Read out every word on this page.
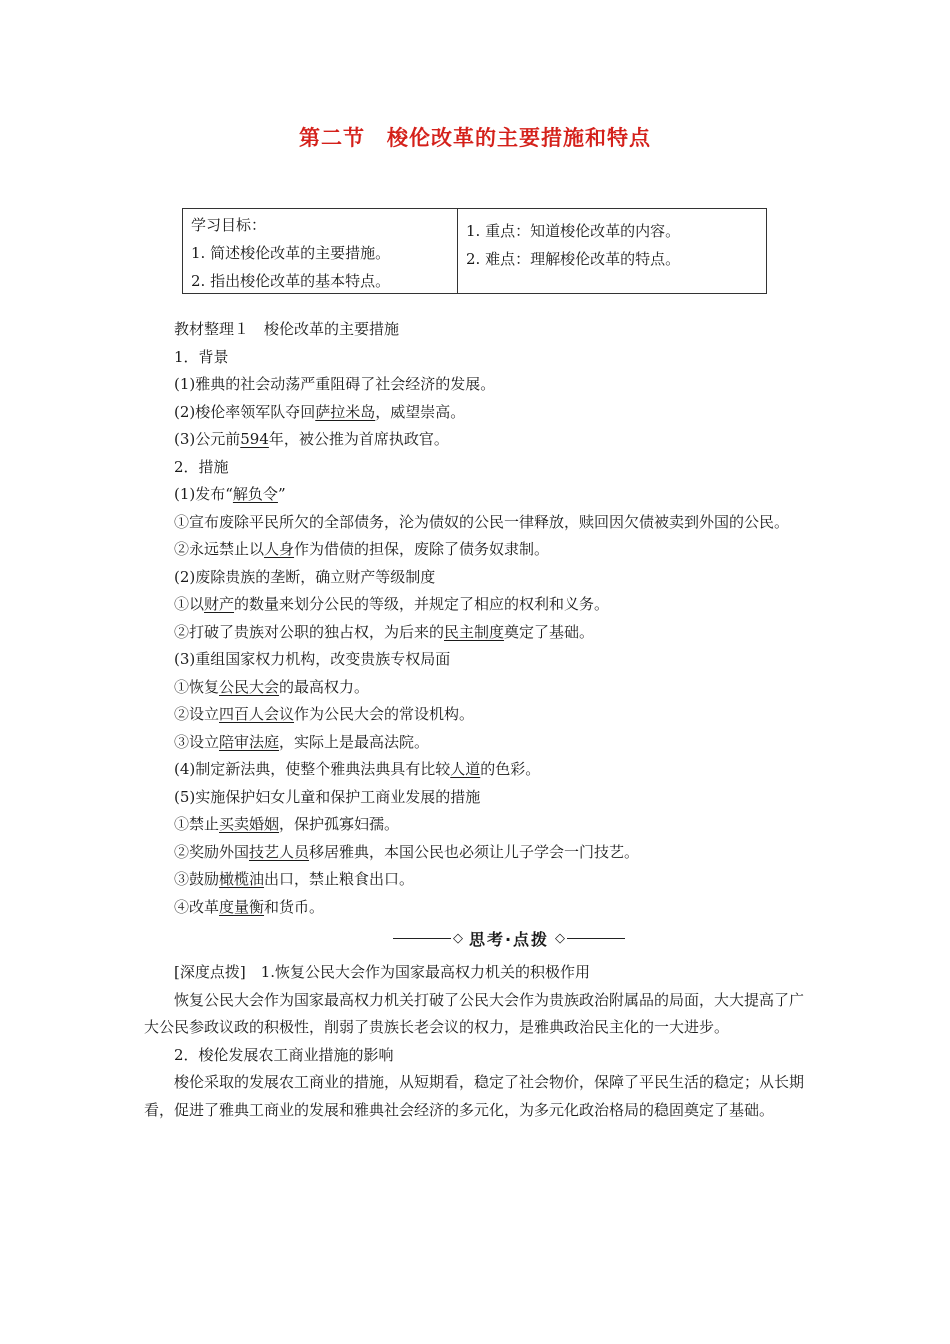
第二节　梭伦改革的主要措施和特点
学习目标：
1. 简述梭伦改革的主要措施。
2. 指出梭伦改革的基本特点。
1. 重点：知道梭伦改革的内容。
2. 难点：理解梭伦改革的特点。
教材整理１　梭伦改革的主要措施
1．背景
(1)雅典的社会动荡严重阻碍了社会经济的发展。
(2)梭伦率领军队夺回萨拉米岛，威望崇高。
(3)公元前594年，被公推为首席执政官。
2．措施
(1)发布“解负令”
①宣布废除平民所欠的全部债务，沦为债奴的公民一律释放，赎回因欠债被卖到外国的公民。
②永远禁止以人身作为借债的担保，废除了债务奴隶制。
(2)废除贵族的垄断，确立财产等级制度
①以财产的数量来划分公民的等级，并规定了相应的权利和义务。
②打破了贵族对公职的独占权，为后来的民主制度奠定了基础。
(3)重组国家权力机构，改变贵族专权局面
①恢复公民大会的最高权力。
②设立四百人会议作为公民大会的常设机构。
③设立陪审法庭，实际上是最高法院。
(4)制定新法典，使整个雅典法典具有比较人道的色彩。
(5)实施保护妇女儿童和保护工商业发展的措施
①禁止买卖婚姻，保护孤寡妇孺。
②奖励外国技艺人员移居雅典，本国公民也必须让儿子学会一门技艺。
③鼓励橄榄油出口，禁止粮食出口。
④改革度量衡和货币。
◇ 思考·点拨 ◇
[深度点拨]　1.恢复公民大会作为国家最高权力机关的积极作用
恢复公民大会作为国家最高权力机关打破了公民大会作为贵族政治附属品的局面，大大提高了广大公民参政议政的积极性，削弱了贵族长老会议的权力，是雅典政治民主化的一大进步。
2．梭伦发展农工商业措施的影响
梭伦采取的发展农工商业的措施，从短期看，稳定了社会物价，保障了平民生活的稳定；从长期看，促进了雅典工商业的发展和雅典社会经济的多元化，为多元化政治格局的稳固奠定了基础。
